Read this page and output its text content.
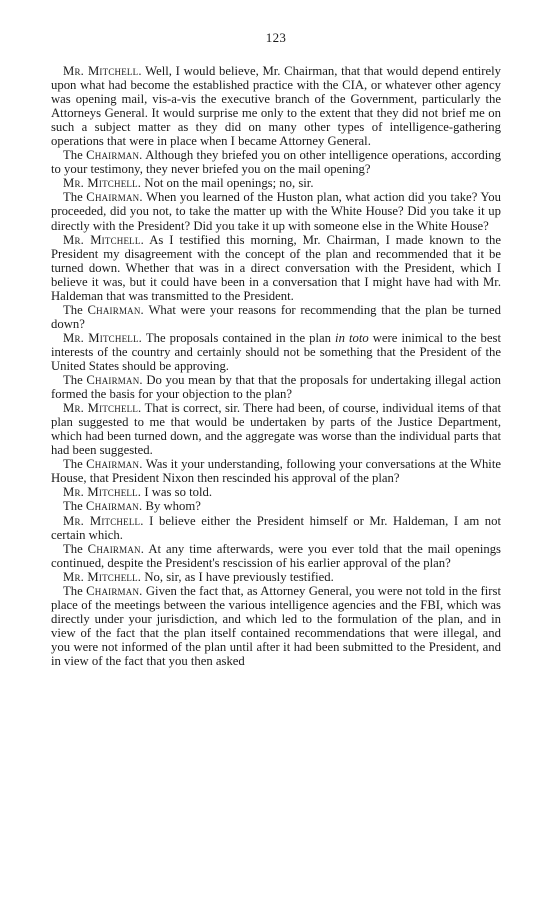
123

Mr. Mitchell. Well, I would believe, Mr. Chairman, that that would depend entirely upon what had become the established practice with the CIA, or whatever other agency was opening mail, vis-a-vis the executive branch of the Government, particularly the Attorneys General. It would surprise me only to the extent that they did not brief me on such a subject matter as they did on many other types of intelligence-gathering operations that were in place when I became Attorney General.

The Chairman. Although they briefed you on other intelligence operations, according to your testimony, they never briefed you on the mail opening?

Mr. Mitchell. Not on the mail openings; no, sir.

The Chairman. When you learned of the Huston plan, what action did you take? You proceeded, did you not, to take the matter up with the White House? Did you take it up directly with the President? Did you take it up with someone else in the White House?

Mr. Mitchell. As I testified this morning, Mr. Chairman, I made known to the President my disagreement with the concept of the plan and recommended that it be turned down. Whether that was in a direct conversation with the President, which I believe it was, but it could have been in a conversation that I might have had with Mr. Haldeman that was transmitted to the President.

The Chairman. What were your reasons for recommending that the plan be turned down?

Mr. Mitchell. The proposals contained in the plan in toto were inimical to the best interests of the country and certainly should not be something that the President of the United States should be approving.

The Chairman. Do you mean by that that the proposals for undertaking illegal action formed the basis for your objection to the plan?

Mr. Mitchell. That is correct, sir. There had been, of course, individual items of that plan suggested to me that would be undertaken by parts of the Justice Department, which had been turned down, and the aggregate was worse than the individual parts that had been suggested.

The Chairman. Was it your understanding, following your conversations at the White House, that President Nixon then rescinded his approval of the plan?

Mr. Mitchell. I was so told.

The Chairman. By whom?

Mr. Mitchell. I believe either the President himself or Mr. Haldeman, I am not certain which.

The Chairman. At any time afterwards, were you ever told that the mail openings continued, despite the President's rescission of his earlier approval of the plan?

Mr. Mitchell. No, sir, as I have previously testified.

The Chairman. Given the fact that, as Attorney General, you were not told in the first place of the meetings between the various intelligence agencies and the FBI, which was directly under your jurisdiction, and which led to the formulation of the plan, and in view of the fact that the plan itself contained recommendations that were illegal, and you were not informed of the plan until after it had been submitted to the President, and in view of the fact that you then asked
